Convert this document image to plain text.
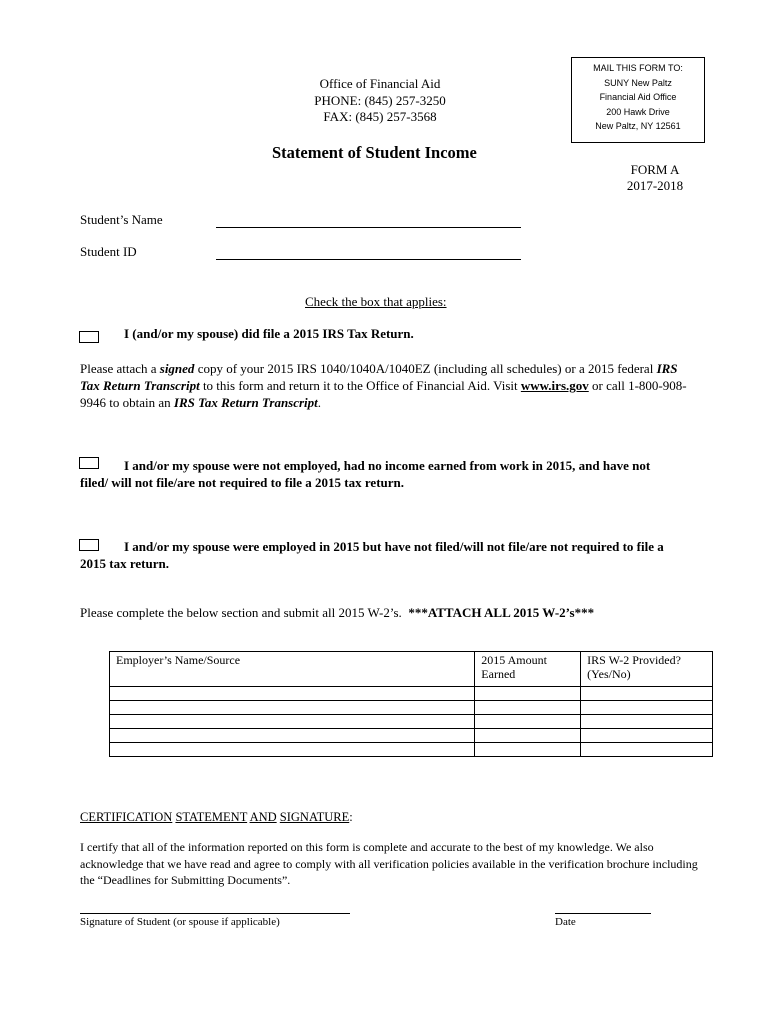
MAIL THIS FORM TO:
SUNY New Paltz
Financial Aid Office
200 Hawk Drive
New Paltz, NY 12561
Office of Financial Aid
PHONE: (845) 257-3250
FAX: (845) 257-3568
Statement of Student Income
FORM A
2017-2018
Student’s Name
Student ID
Check the box that applies:
I (and/or my spouse) did file a 2015 IRS Tax Return.
Please attach a signed copy of your 2015 IRS 1040/1040A/1040EZ (including all schedules) or a 2015 federal IRS Tax Return Transcript to this form and return it to the Office of Financial Aid. Visit www.irs.gov or call 1-800-908-9946 to obtain an IRS Tax Return Transcript.
I and/or my spouse were not employed, had no income earned from work in 2015, and have not
filed/ will not file/are not required to file a 2015 tax return.
I and/or my spouse were employed in 2015 but have not filed/will not file/are not required to file a
2015 tax return.
Please complete the below section and submit all 2015 W-2’s. ***ATTACH ALL 2015 W-2’s***
Employer’s Name/Source	2015 Amount Earned	IRS W-2 Provided? (Yes/No)

CERTIFICATION STATEMENT AND SIGNATURE:
I certify that all of the information reported on this form is complete and accurate to the best of my knowledge. We also acknowledge that we have read and agree to comply with all verification policies available in the verification brochure including the “Deadlines for Submitting Documents”.
Signature of Student (or spouse if applicable)	Date
